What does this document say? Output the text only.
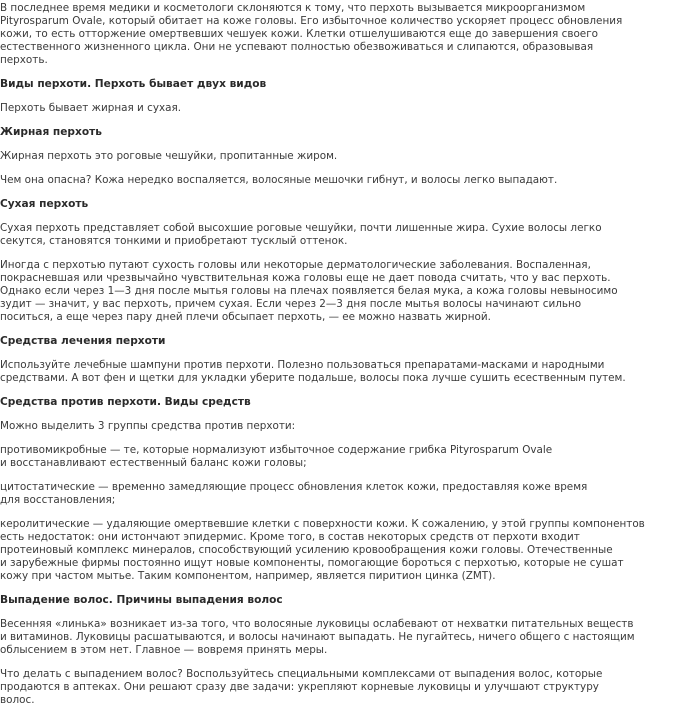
В последнее время медики и косметологи склоняются к тому, что перхоть вызывается микроорганизмом
Pityrosparum Ovale, который обитает на коже головы. Его избыточное количество ускоряет процесс обновления
кожи, то есть отторжение омертвевших чешуек кожи. Клетки отшелушиваются еще до завершения своего
естественного жизненного цикла. Они не успевают полностью обезвоживаться и слипаются, образовывая
перхоть.
Виды перхоти. Перхоть бывает двух видов
Перхоть бывает жирная и сухая.
Жирная перхоть
Жирная перхоть это роговые чешуйки, пропитанные жиром.
Чем она опасна? Кожа нередко воспаляется, волосяные мешочки гибнут, и волосы легко выпадают.
Сухая перхоть
Сухая перхоть представляет собой высохшие роговые чешуйки, почти лишенные жира. Сухие волосы легко
секутся, становятся тонкими и приобретают тусклый оттенок.
Иногда с перхотью путают сухость головы или некоторые дерматологические заболевания. Воспаленная,
покрасневшая или чрезвычайно чувствительная кожа головы еще не дает повода считать, что у вас перхоть.
Однако если через 1—3 дня после мытья головы на плечах появляется белая мука, а кожа головы невыносимо
зудит — значит, у вас перхоть, причем сухая. Если через 2—3 дня после мытья волосы начинают сильно
поситься, а еще через пару дней плечи обсыпает перхоть, — ее можно назвать жирной.
Средства лечения перхоти
Используйте лечебные шампуни против перхоти. Полезно пользоваться препаратами-масками и народными
средствами. А вот фен и щетки для укладки уберите подальше, волосы пока лучше сушить есественным путем.
Средства против перхоти. Виды средств
Можно выделить 3 группы средства против перхоти:
противомикробные — те, которые нормализуют избыточное содержание грибка Pityrosparum Ovale
и восстанавливают естественный баланс кожи головы;
цитостатические — временно замедляющие процесс обновления клеток кожи, предоставляя коже время
для восстановления;
керолитические — удаляющие омертвевшие клетки с поверхности кожи. К сожалению, у этой группы компонентов
есть недостаток: они истончают эпидермис. Кроме того, в состав некоторых средств от перхоти входит
протеиновый комплекс минералов, способствующий усилению кровообращения кожи головы. Отечественные
и зарубежные фирмы постоянно ищут новые компоненты, помогающие бороться с перхотью, которые не сушат
кожу при частом мытье. Таким компонентом, например, является пиритион цинка (ZMT).
Выпадение волос. Причины выпадения волос
Весенняя «линька» возникает из-за того, что волосяные луковицы ослабевают от нехватки питательных веществ
и витаминов. Луковицы расшатываются, и волосы начинают выпадать. Не пугайтесь, ничего общего с настоящим
облысением в этом нет. Главное — вовремя принять меры.
Что делать с выпадением волос? Воспользуйтесь специальными комплексами от выпадения волос, которые
продаются в аптеках. Они решают сразу две задачи: укрепляют корневые луковицы и улучшают структуру
волос.
